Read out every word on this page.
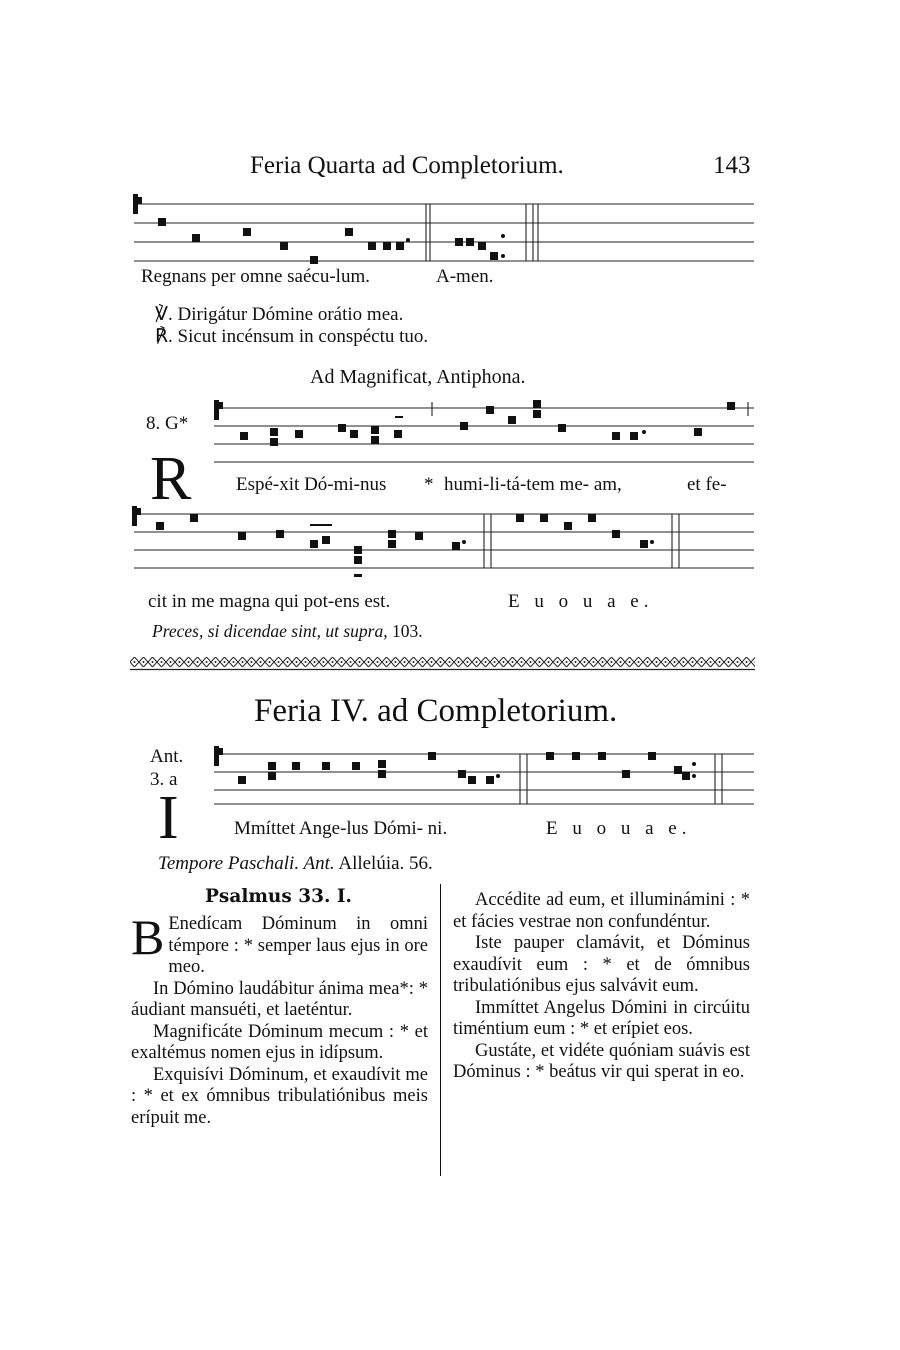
Feria Quarta ad Completorium.	143
Regnans per omne saécu-lum.	A-men.
℣. Dirigátur Dómine orátio mea.
℟. Sicut incénsum in conspéctu tuo.
Ad Magnificat, Antiphona.
8. G*
R Espé-xit Dó-mi-nus * humi-li-tá-tem me- am,	et fe-
cit in me magna qui pot-ens est.	E u o u a e.
Preces, si dicendae sint, ut supra, 103.
Feria IV. ad Completorium.
Ant.
3. a
I	Mmíttet Ange-lus Dómi- ni.	E u o u a e.
Tempore Paschali. Ant. Allelúia. 56.
Psalmus 33. I.

B Enedícam Dóminum in omni témpore : * semper laus ejus in ore meo.

In Dómino laudábitur ánima mea*: * áudiant mansuéti, et laeténtur.

Magnificáte Dóminum mecum : * et exaltémus nomen ejus in idípsum.

Exquisívi Dóminum, et exaudívit me : * et ex ómnibus tribulatiónibus meis erípuit me.

Accédite ad eum, et illuminámini : * et fácies vestrae non confundéntur.

Iste pauper clamávit, et Dóminus exaudívit eum : * et de ómnibus tribulatiónibus ejus salvávit eum.

Immíttet Angelus Dómini in circúitu timéntium eum : * et erípiet eos.

Gustáte, et vidéte quóniam suávis est Dóminus : * beátus vir qui sperat in eo.
